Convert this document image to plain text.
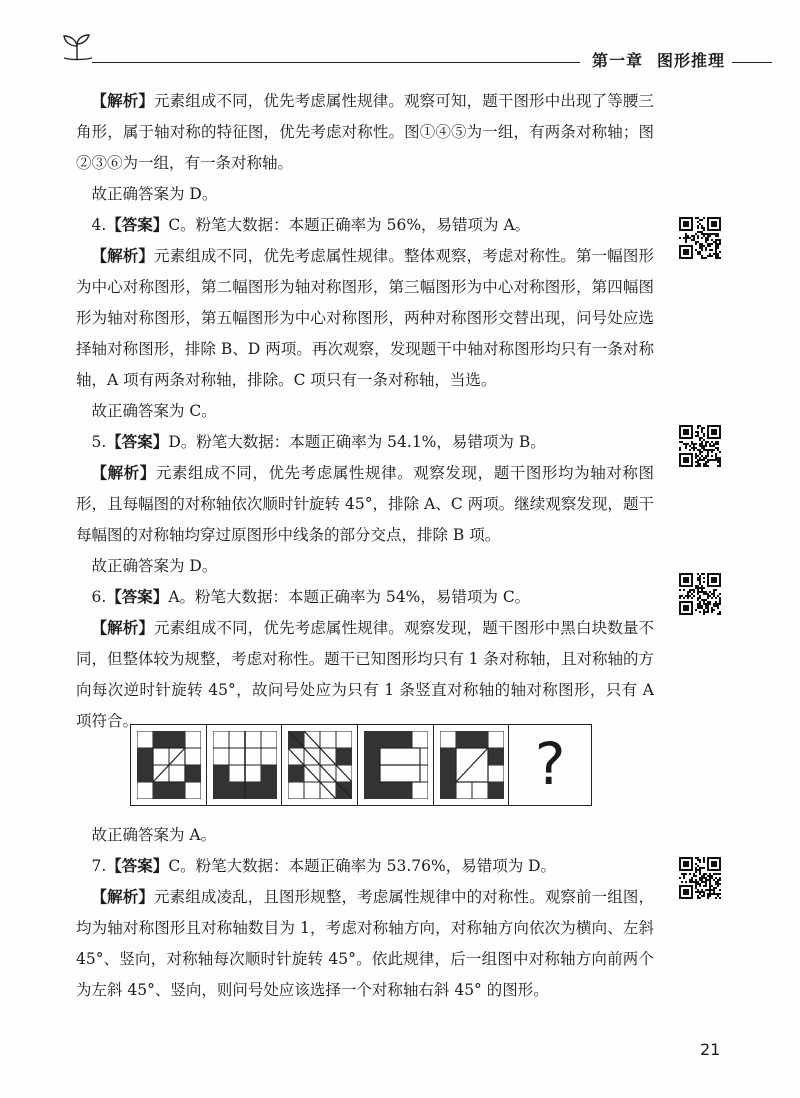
第一章 图形推理

【解析】元素组成不同，优先考虑属性规律。观察可知，题干图形中出现了等腰三角形，属于轴对称的特征图，优先考虑对称性。图①④⑤为一组，有两条对称轴；图②③⑥为一组，有一条对称轴。

故正确答案为 D。

4.【答案】C。粉笔大数据：本题正确率为 56%，易错项为 A。

【解析】元素组成不同，优先考虑属性规律。整体观察，考虑对称性。第一幅图形为中心对称图形，第二幅图形为轴对称图形，第三幅图形为中心对称图形，第四幅图形为轴对称图形，第五幅图形为中心对称图形，两种对称图形交替出现，问号处应选择轴对称图形，排除 B、D 两项。再次观察，发现题干中轴对称图形均只有一条对称轴，A 项有两条对称轴，排除。C 项只有一条对称轴，当选。

故正确答案为 C。

5.【答案】D。粉笔大数据：本题正确率为 54.1%，易错项为 B。

【解析】元素组成不同，优先考虑属性规律。观察发现，题干图形均为轴对称图形，且每幅图的对称轴依次顺时针旋转 45°，排除 A、C 两项。继续观察发现，题干每幅图的对称轴均穿过原图形中线条的部分交点，排除 B 项。

故正确答案为 D。

6.【答案】A。粉笔大数据：本题正确率为 54%，易错项为 C。

【解析】元素组成不同，优先考虑属性规律。观察发现，题干图形中黑白块数量不同，但整体较为规整，考虑对称性。题干已知图形均只有 1 条对称轴，且对称轴的方向每次逆时针旋转 45°，故问号处应为只有 1 条竖直对称轴的轴对称图形，只有 A 项符合。

?

故正确答案为 A。

7.【答案】C。粉笔大数据：本题正确率为 53.76%，易错项为 D。

【解析】元素组成凌乱，且图形规整，考虑属性规律中的对称性。观察前一组图，均为轴对称图形且对称轴数目为 1，考虑对称轴方向，对称轴方向依次为横向、左斜 45°、竖向，对称轴每次顺时针旋转 45°。依此规律，后一组图中对称轴方向前两个为左斜 45°、竖向，则问号处应该选择一个对称轴右斜 45° 的图形。

21
